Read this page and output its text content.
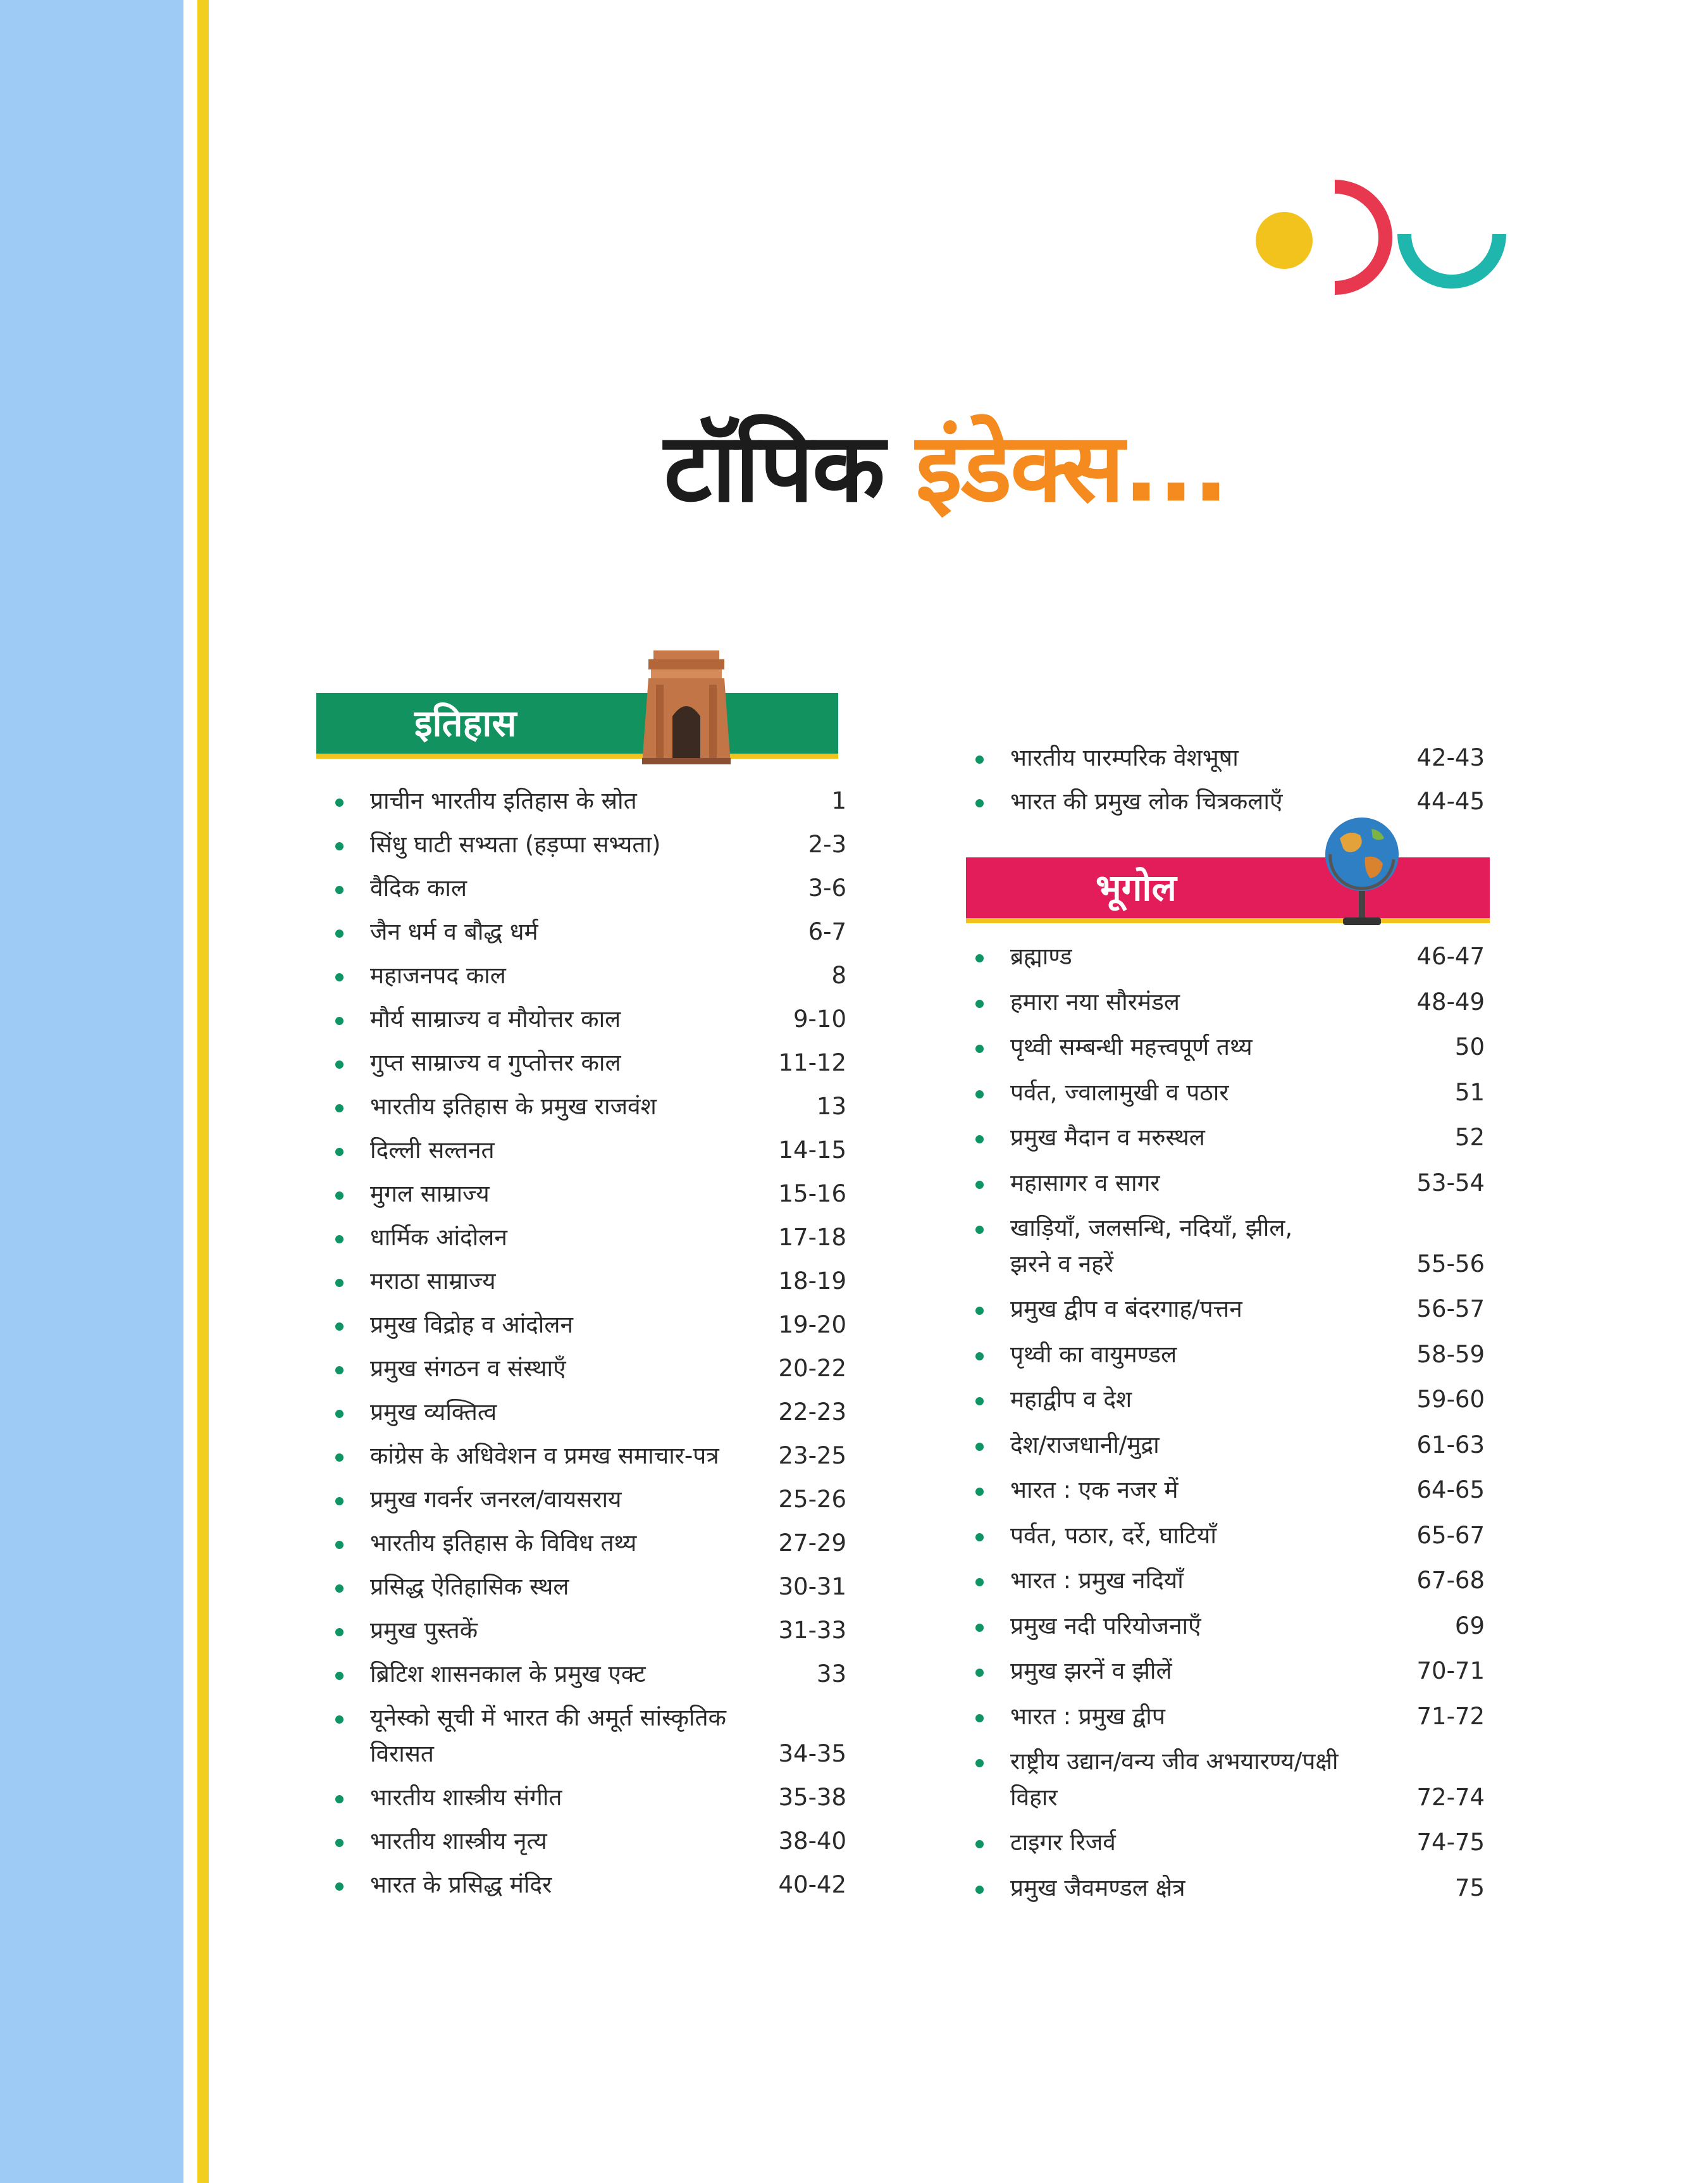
टॉपिक इंडेक्स...
इतिहास
प्राचीन भारतीय इतिहास के स्रोत	1
सिंधु घाटी सभ्यता (हड़प्पा सभ्यता)	2-3
वैदिक काल	3-6
जैन धर्म व बौद्ध धर्म	6-7
महाजनपद काल	8
मौर्य साम्राज्य व मौयोत्तर काल	9-10
गुप्त साम्राज्य व गुप्तोत्तर काल	11-12
भारतीय इतिहास के प्रमुख राजवंश	13
दिल्ली सल्तनत	14-15
मुगल साम्राज्य	15-16
धार्मिक आंदोलन	17-18
मराठा साम्राज्य	18-19
प्रमुख विद्रोह व आंदोलन	19-20
प्रमुख संगठन व संस्थाएँ	20-22
प्रमुख व्यक्तित्व	22-23
कांग्रेस के अधिवेशन व प्रमख समाचार-पत्र	23-25
प्रमुख गवर्नर जनरल/वायसराय	25-26
भारतीय इतिहास के विविध तथ्य	27-29
प्रसिद्ध ऐतिहासिक स्थल	30-31
प्रमुख पुस्तकें	31-33
ब्रिटिश शासनकाल के प्रमुख एक्ट	33
यूनेस्को सूची में भारत की अमूर्त सांस्कृतिक
विरासत	34-35
भारतीय शास्त्रीय संगीत	35-38
भारतीय शास्त्रीय नृत्य	38-40
भारत के प्रसिद्ध मंदिर	40-42
भारतीय पारम्परिक वेशभूषा	42-43
भारत की प्रमुख लोक चित्रकलाएँ	44-45
भूगोल
ब्रह्माण्ड	46-47
हमारा नया सौरमंडल	48-49
पृथ्वी सम्बन्धी महत्त्वपूर्ण तथ्य	50
पर्वत, ज्वालामुखी व पठार	51
प्रमुख मैदान व मरुस्थल	52
महासागर व सागर	53-54
खाड़ियाँ, जलसन्धि, नदियाँ, झील,
झरने व नहरें	55-56
प्रमुख द्वीप व बंदरगाह/पत्तन	56-57
पृथ्वी का वायुमण्डल	58-59
महाद्वीप व देश	59-60
देश/राजधानी/मुद्रा	61-63
भारत : एक नजर में	64-65
पर्वत, पठार, दर्रे, घाटियाँ	65-67
भारत : प्रमुख नदियाँ	67-68
प्रमुख नदी परियोजनाएँ	69
प्रमुख झरनें व झीलें	70-71
भारत : प्रमुख द्वीप	71-72
राष्ट्रीय उद्यान/वन्य जीव अभयारण्य/पक्षी
विहार	72-74
टाइगर रिजर्व	74-75
प्रमुख जैवमण्डल क्षेत्र	75
